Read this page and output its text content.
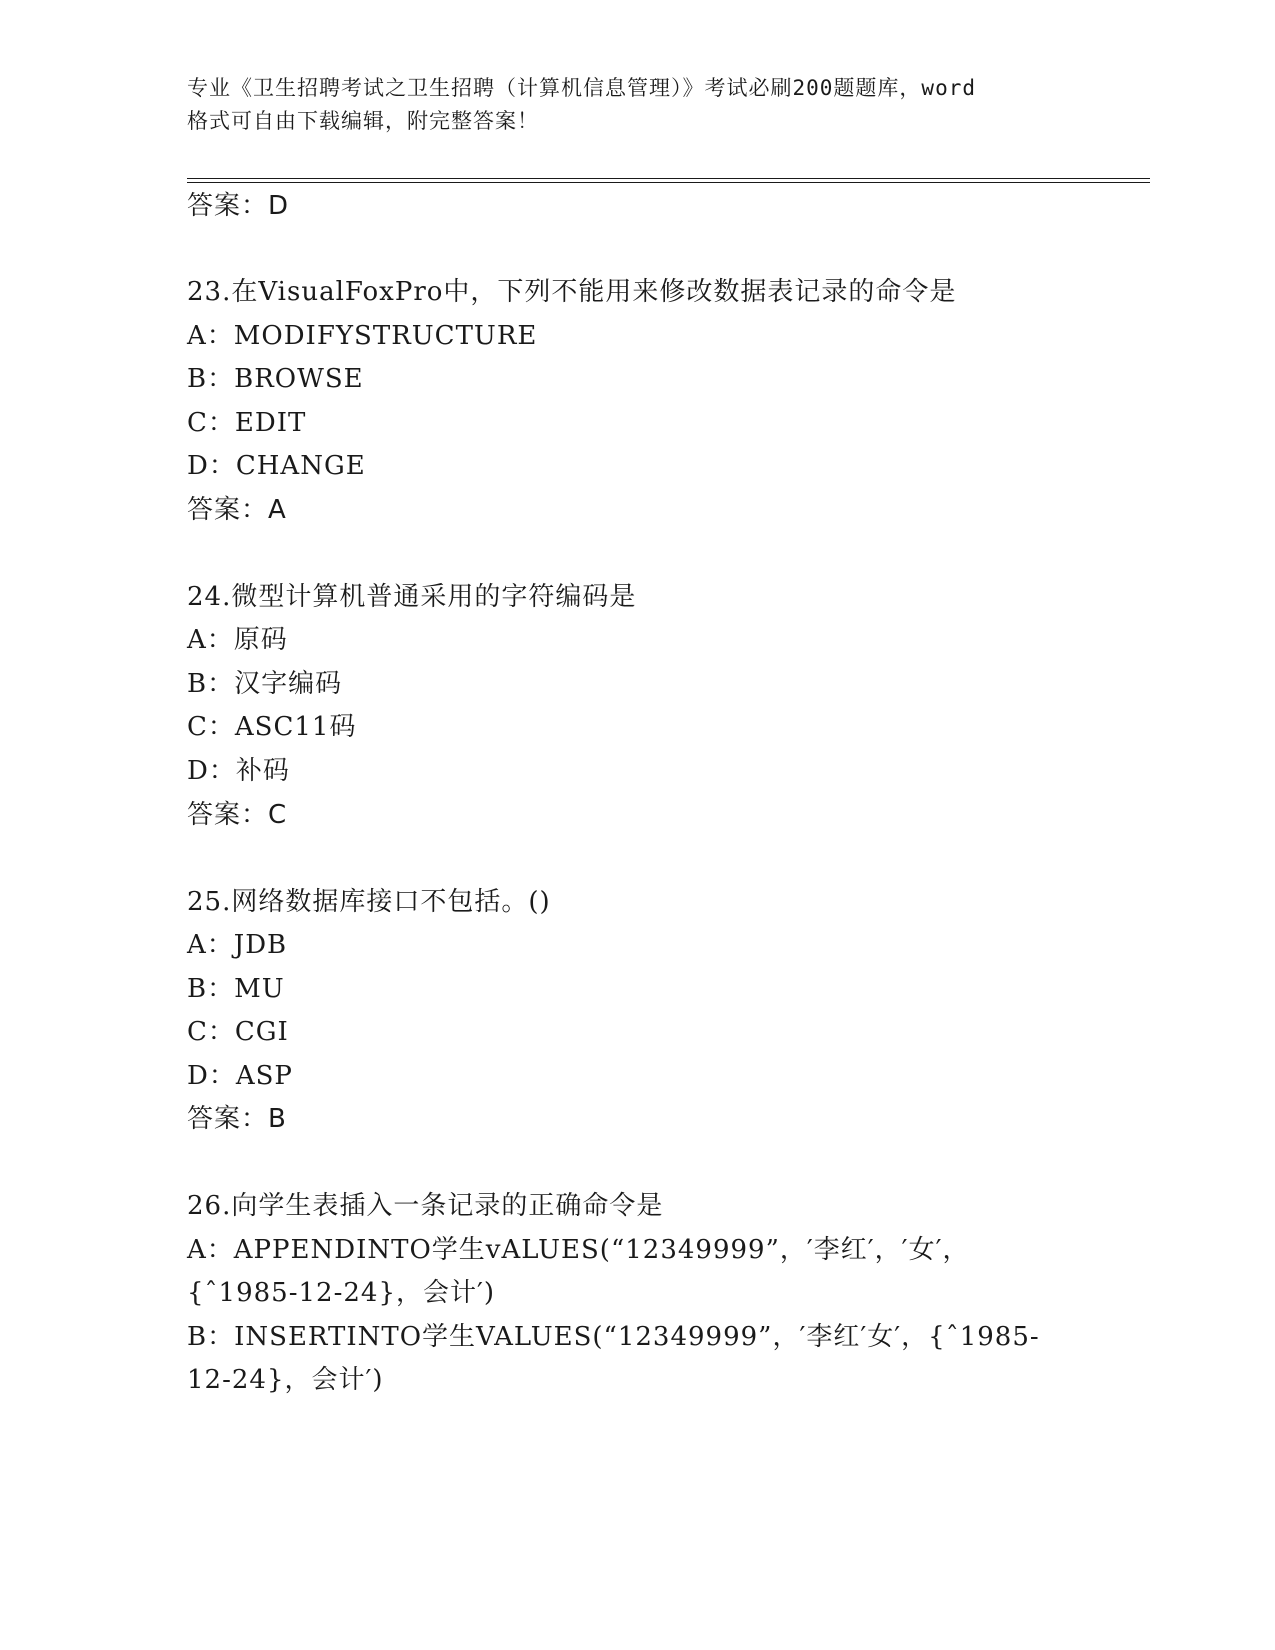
专业《卫生招聘考试之卫生招聘（计算机信息管理）》考试必刷200题题库，word
格式可自由下载编辑，附完整答案！
答案：D
23.在VisualFoxPro中，下列不能用来修改数据表记录的命令是
A：MODIFYSTRUCTURE
B：BROWSE
C：EDIT
D：CHANGE
答案：A
24.微型计算机普通采用的字符编码是
A：原码
B：汉字编码
C：ASC11码
D：补码
答案：C
25.网络数据库接口不包括。()
A：JDB
B：MU
C：CGI
D：ASP
答案：B
26.向学生表插入一条记录的正确命令是
A：APPENDINTO学生vALUES(“12349999”，′李红′，′女′，
{ˆ1985-12-24}，会计′)
B：INSERTINTO学生VALUES(“12349999”，′李红′女′，{ˆ1985-
12-24}，会计′)
